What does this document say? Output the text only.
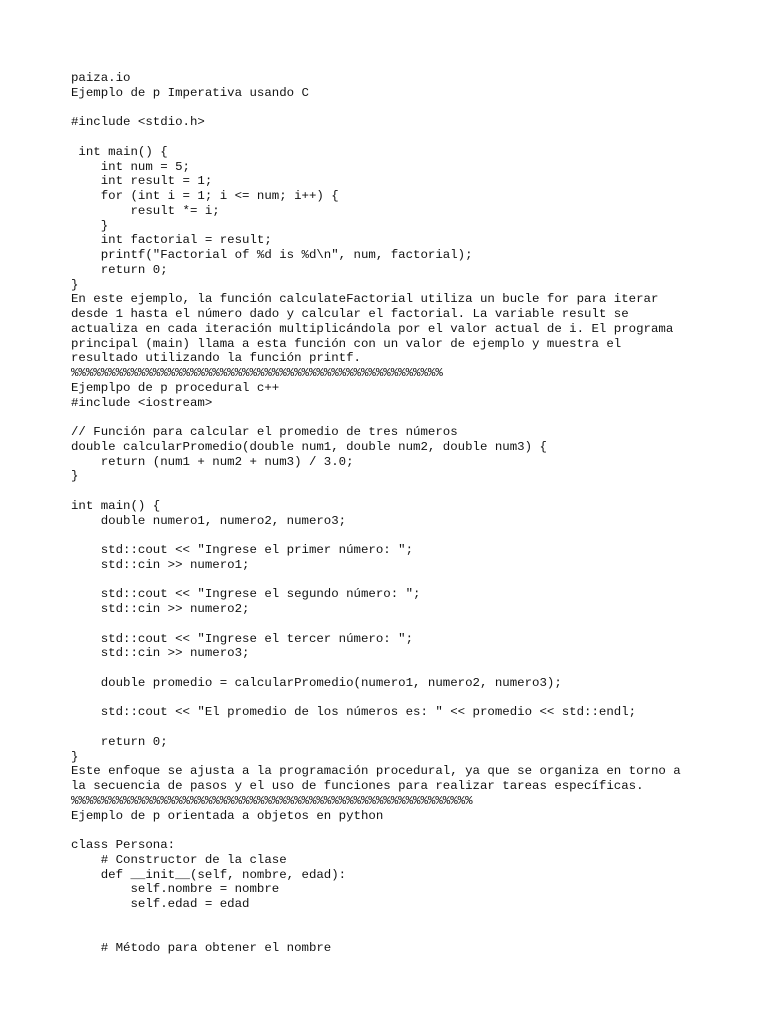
paiza.io
Ejemplo de p Imperativa usando C
#include <stdio.h>
int main() {
int num = 5;
int result = 1;
for (int i = 1; i <= num; i++) {
result *= i;
}
int factorial = result;
printf("Factorial of %d is %d\n", num, factorial);
return 0;
}
En este ejemplo, la función calculateFactorial utiliza un bucle for para iterar
desde 1 hasta el número dado y calcular el factorial. La variable result se
actualiza en cada iteración multiplicándola por el valor actual de i. El programa
principal (main) llama a esta función con un valor de ejemplo y muestra el
resultado utilizando la función printf.
%%%%%%%%%%%%%%%%%%%%%%%%%%%%%%%%%%%%%%%%%%%%%%%%%%
Ejemplpo de p procedural c++
#include <iostream>
// Función para calcular el promedio de tres números
double calcularPromedio(double num1, double num2, double num3) {
return (num1 + num2 + num3) / 3.0;
}
int main() {
double numero1, numero2, numero3;
std::cout << "Ingrese el primer número: ";
std::cin >> numero1;
std::cout << "Ingrese el segundo número: ";
std::cin >> numero2;
std::cout << "Ingrese el tercer número: ";
std::cin >> numero3;
double promedio = calcularPromedio(numero1, numero2, numero3);
std::cout << "El promedio de los números es: " << promedio << std::endl;
return 0;
}
Este enfoque se ajusta a la programación procedural, ya que se organiza en torno a
la secuencia de pasos y el uso de funciones para realizar tareas específicas.
%%%%%%%%%%%%%%%%%%%%%%%%%%%%%%%%%%%%%%%%%%%%%%%%%%%%%%
Ejemplo de p orientada a objetos en python
class Persona:
# Constructor de la clase
def __init__(self, nombre, edad):
self.nombre = nombre
self.edad = edad
# Método para obtener el nombre
